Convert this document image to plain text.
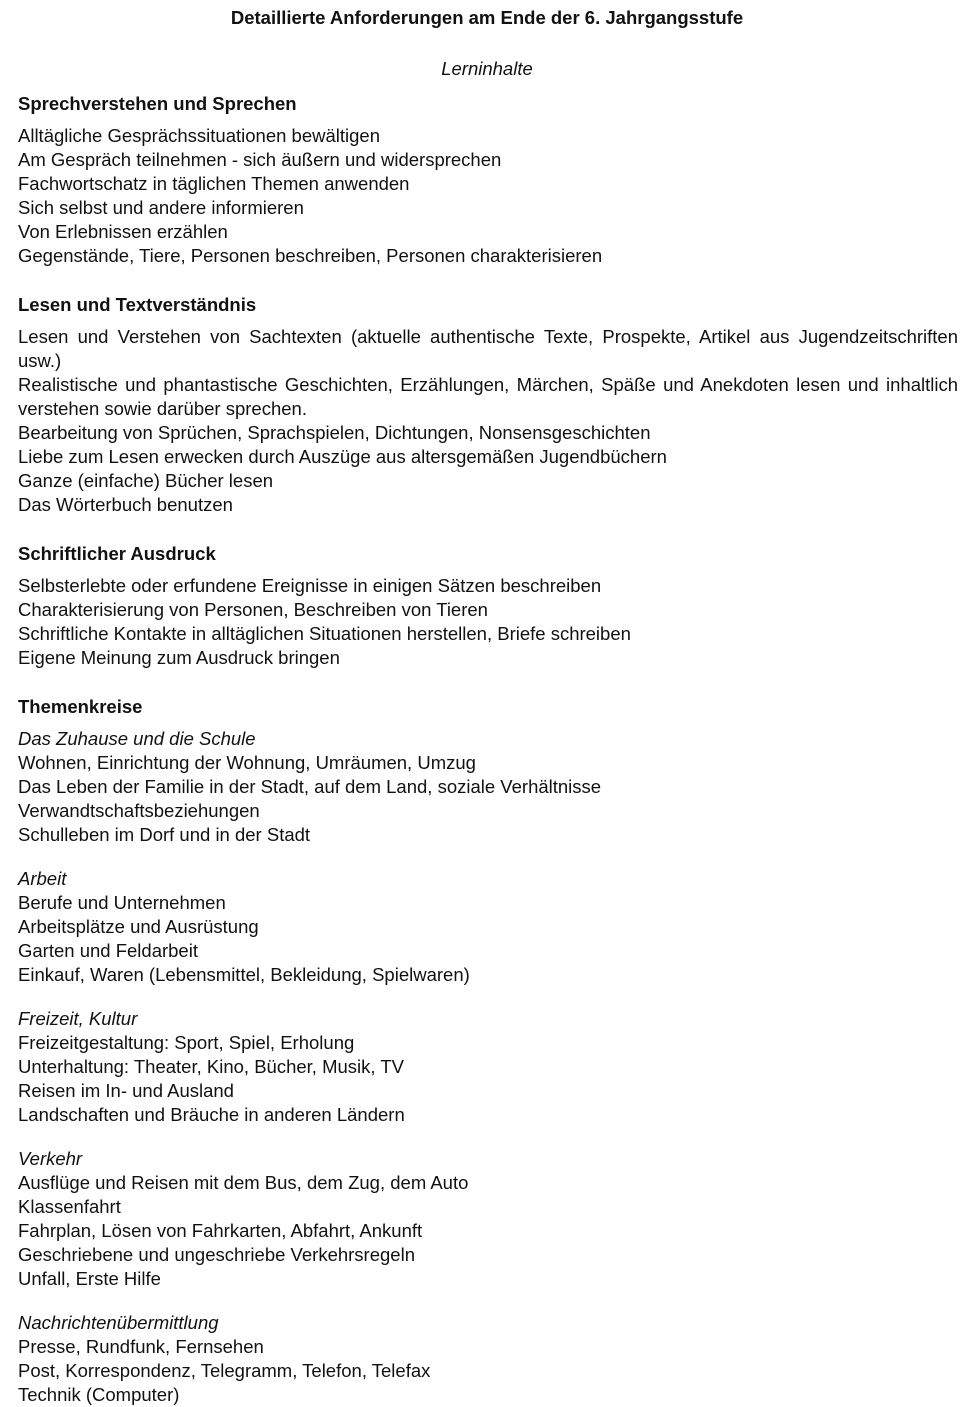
Detaillierte Anforderungen am Ende der 6. Jahrgangsstufe
Lerninhalte
Sprechverstehen und Sprechen

Alltägliche Gesprächssituationen bewältigen

Am Gespräch teilnehmen - sich äußern und widersprechen

Fachwortschatz in täglichen Themen anwenden

Sich selbst und andere informieren

Von Erlebnissen erzählen

Gegenstände, Tiere, Personen beschreiben, Personen charakterisieren

Lesen und Textverständnis

Lesen und Verstehen von Sachtexten (aktuelle authentische Texte, Prospekte, Artikel aus Jugendzeitschriften usw.)

Realistische und phantastische Geschichten, Erzählungen, Märchen, Späße und Anekdoten lesen und inhaltlich verstehen sowie darüber sprechen.

Bearbeitung von Sprüchen, Sprachspielen, Dichtungen, Nonsensgeschichten

Liebe zum Lesen erwecken durch Auszüge aus altersgemäßen Jugendbüchern

Ganze (einfache) Bücher lesen

Das Wörterbuch benutzen

Schriftlicher Ausdruck

Selbsterlebte oder erfundene Ereignisse in einigen Sätzen beschreiben

Charakterisierung von Personen, Beschreiben von Tieren

Schriftliche Kontakte in alltäglichen Situationen herstellen, Briefe schreiben

Eigene Meinung zum Ausdruck bringen

Themenkreise

Das Zuhause und die Schule

Wohnen, Einrichtung der Wohnung, Umräumen, Umzug

Das Leben der Familie in der Stadt, auf dem Land, soziale Verhältnisse

Verwandtschaftsbeziehungen

Schulleben im Dorf und in der Stadt

Arbeit

Berufe und Unternehmen

Arbeitsplätze und Ausrüstung

Garten und Feldarbeit

Einkauf, Waren (Lebensmittel, Bekleidung, Spielwaren)

Freizeit, Kultur

Freizeitgestaltung: Sport, Spiel, Erholung

Unterhaltung: Theater, Kino, Bücher, Musik, TV

Reisen im In- und Ausland

Landschaften und Bräuche in anderen Ländern

Verkehr

Ausflüge und Reisen mit dem Bus, dem Zug, dem Auto

Klassenfahrt

Fahrplan, Lösen von Fahrkarten, Abfahrt, Ankunft

Geschriebene und ungeschriebe Verkehrsregeln

Unfall, Erste Hilfe

Nachrichtenübermittlung

Presse, Rundfunk, Fernsehen

Post, Korrespondenz, Telegramm, Telefon, Telefax

Technik (Computer)
